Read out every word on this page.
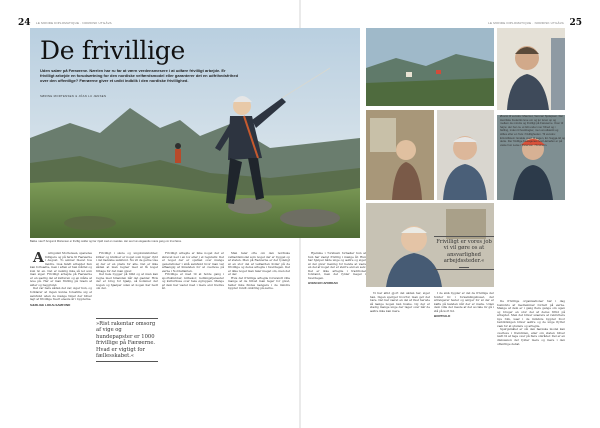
24	25
LE MONDE DIPLOMATIQUE · NORDISK UTGÅVA	LE MONDE DIPLOMATIQUE · NORDISK UTGÅVA
De frivillige
Uden salær på Færøerne. Nærlen har ru far at værn verdensmesere i at udføre frivilligt arbejde. Er frivilligt arbejde en forudsætning for den nordiske velfærdsmodel eller garanterer det en udfrihedsfrihed over den offentlige? Færøerne giver et unikt indblik i den nordiske frivillighed.
SØRINE MORTENSEN & JÓAN LU JENSEN
Bakke i ater? Arngunnl Mortensen er frivillig redder og har i fjeld med en mandas. Her ses hun elegaende rutere gang om til at føres.

A Arngunnl Mortensen, sparedes tidligere og på ferie til Færøerne i August. To sønner blevet hos mødre. Lisa fandt arbejdet hun kan fortsætte, men i aften er han måttet og kun ta' en. Det er nemlig ikke så let som man siger. Frivilligt arbejde på Færøerne er en særlig del af kulturen og en måde at leve på. Her er man frivillig på tværs af alder og baggrund.

Det var bare sådan det var, siger hun, og forklarer at ingen kunne forestille sig et samfund uden de mange timer der bliver lagt af frivillige hvert eneste år i bygderne.

SÆRLIGE LOKALSAMFUND

Frivilligt i skole og ungdomsklubber, kirker og klubber er noget som ligger dybt i det færøske samfund. Nu vil de gerne vise at der er en plads for alle. Det er ikke sådan at man regner med at få noget tilbage for det man giver.

Det hele bygger på tillid og at man kan regne med hinanden når det gælder. Hvis der er brug for hjælp, så kommer der nogen og hjælper uden at nogen har bedt om det.

»Rist rakentar omsorg af vige og hundepapster er 1000 frivillige på Færøerne. Hvad er vigtigt for fællesskabet.«

Frivilligt arbejde er ikke noget der er skrevet ned i en lov eller i et regulativ. Det er noget der er opstået over mange generationer i små samfund hvor man var afhængig af hinanden for at overleve på øerne i Nordatlanten.

Frivillige er med til at holde gang i sportsklubber, kirkekor, redningstjenester og kulturhuse over hele øgruppen. Mange af dem har været med i mere end tredive år.

Man taler ofte om den nordiske velfærdsmodel som noget der er bygget op af staten. Men på Færøerne er det tydeligt at en stor del af velfærden hviler på de frivillige og deres arbejde i hverdagen. Det er ikke noget man taler meget om, men det er der.

Hvis det frivillige arbejde forsvandt ville mange af de tilbud man tager for givet, heller ikke findes længere i de mindre bygder rundt omkring på øerne.

Hjemme i Torshavn fortæller hun at hun har været frivillig i mange år. Hun har hjulpet både unge og ældre og siger at det giver mening for hende at være en del af noget der er større end en selv. Det er ikke arbejde i traditionel forstand, men det fylder meget i hverdagen.

HVEM ER HVORDAN

Vi har altid gjort det sådan her, siger han. Ingen spørger hvorfor, man gør det bare. Det har været en del af livet herude så længe nogen kan huske. Og der er stadig mange unge der tager over når de ældre ikke kan mere.

Frivilligt er vores job vi vil gøre os at ansvarlighed arbejdssteder.«

I de små bygder er det de frivillige der holder liv i forsamlingshuset, der arrangerer fester og sørger for at der er kaffe på kanden når der er møde. Uden dem ville det meste af det sociale liv gå i stå på kort tid.

BORTFALD
Øverst til venstre: Maurcet, Veronar Sjolapsen. Der Henrikke frederiks leve om og tur turen op og mellem de mindre og frivilligt på Færøerne. Over til højre: der har ca. et lidt under mer frihed og i fælling, inden til festdragter, men at udtænkt og stilles efter en hvis i frivilligheden. Til venstre: Erismillstein: Enalde overt til sagen, En Sugga-tid og dette. Der frivillige beslagenes fast Hatnafen er på vaste hun Leise i Peterson i Torshavn.

De frivillige organisationer har i dag tusindvis af medlemmer fordelt på øerne. Mange af dem er i gang flere gange om ugen og bruger en stor del af deres fritid på arbejdet. Men det bliver sværere at rekruttere nye folk, især i de mindste bygder hvor befolkningen bliver ældre og de unge flytter væk for at studere og arbejde.

Spørgsmålet er om den færøske model kan overleve i fremtiden, eller om staten bliver nødt til at tage over på flere områder. Det er en diskussion der fylder mere og mere i den offentlige debat.
